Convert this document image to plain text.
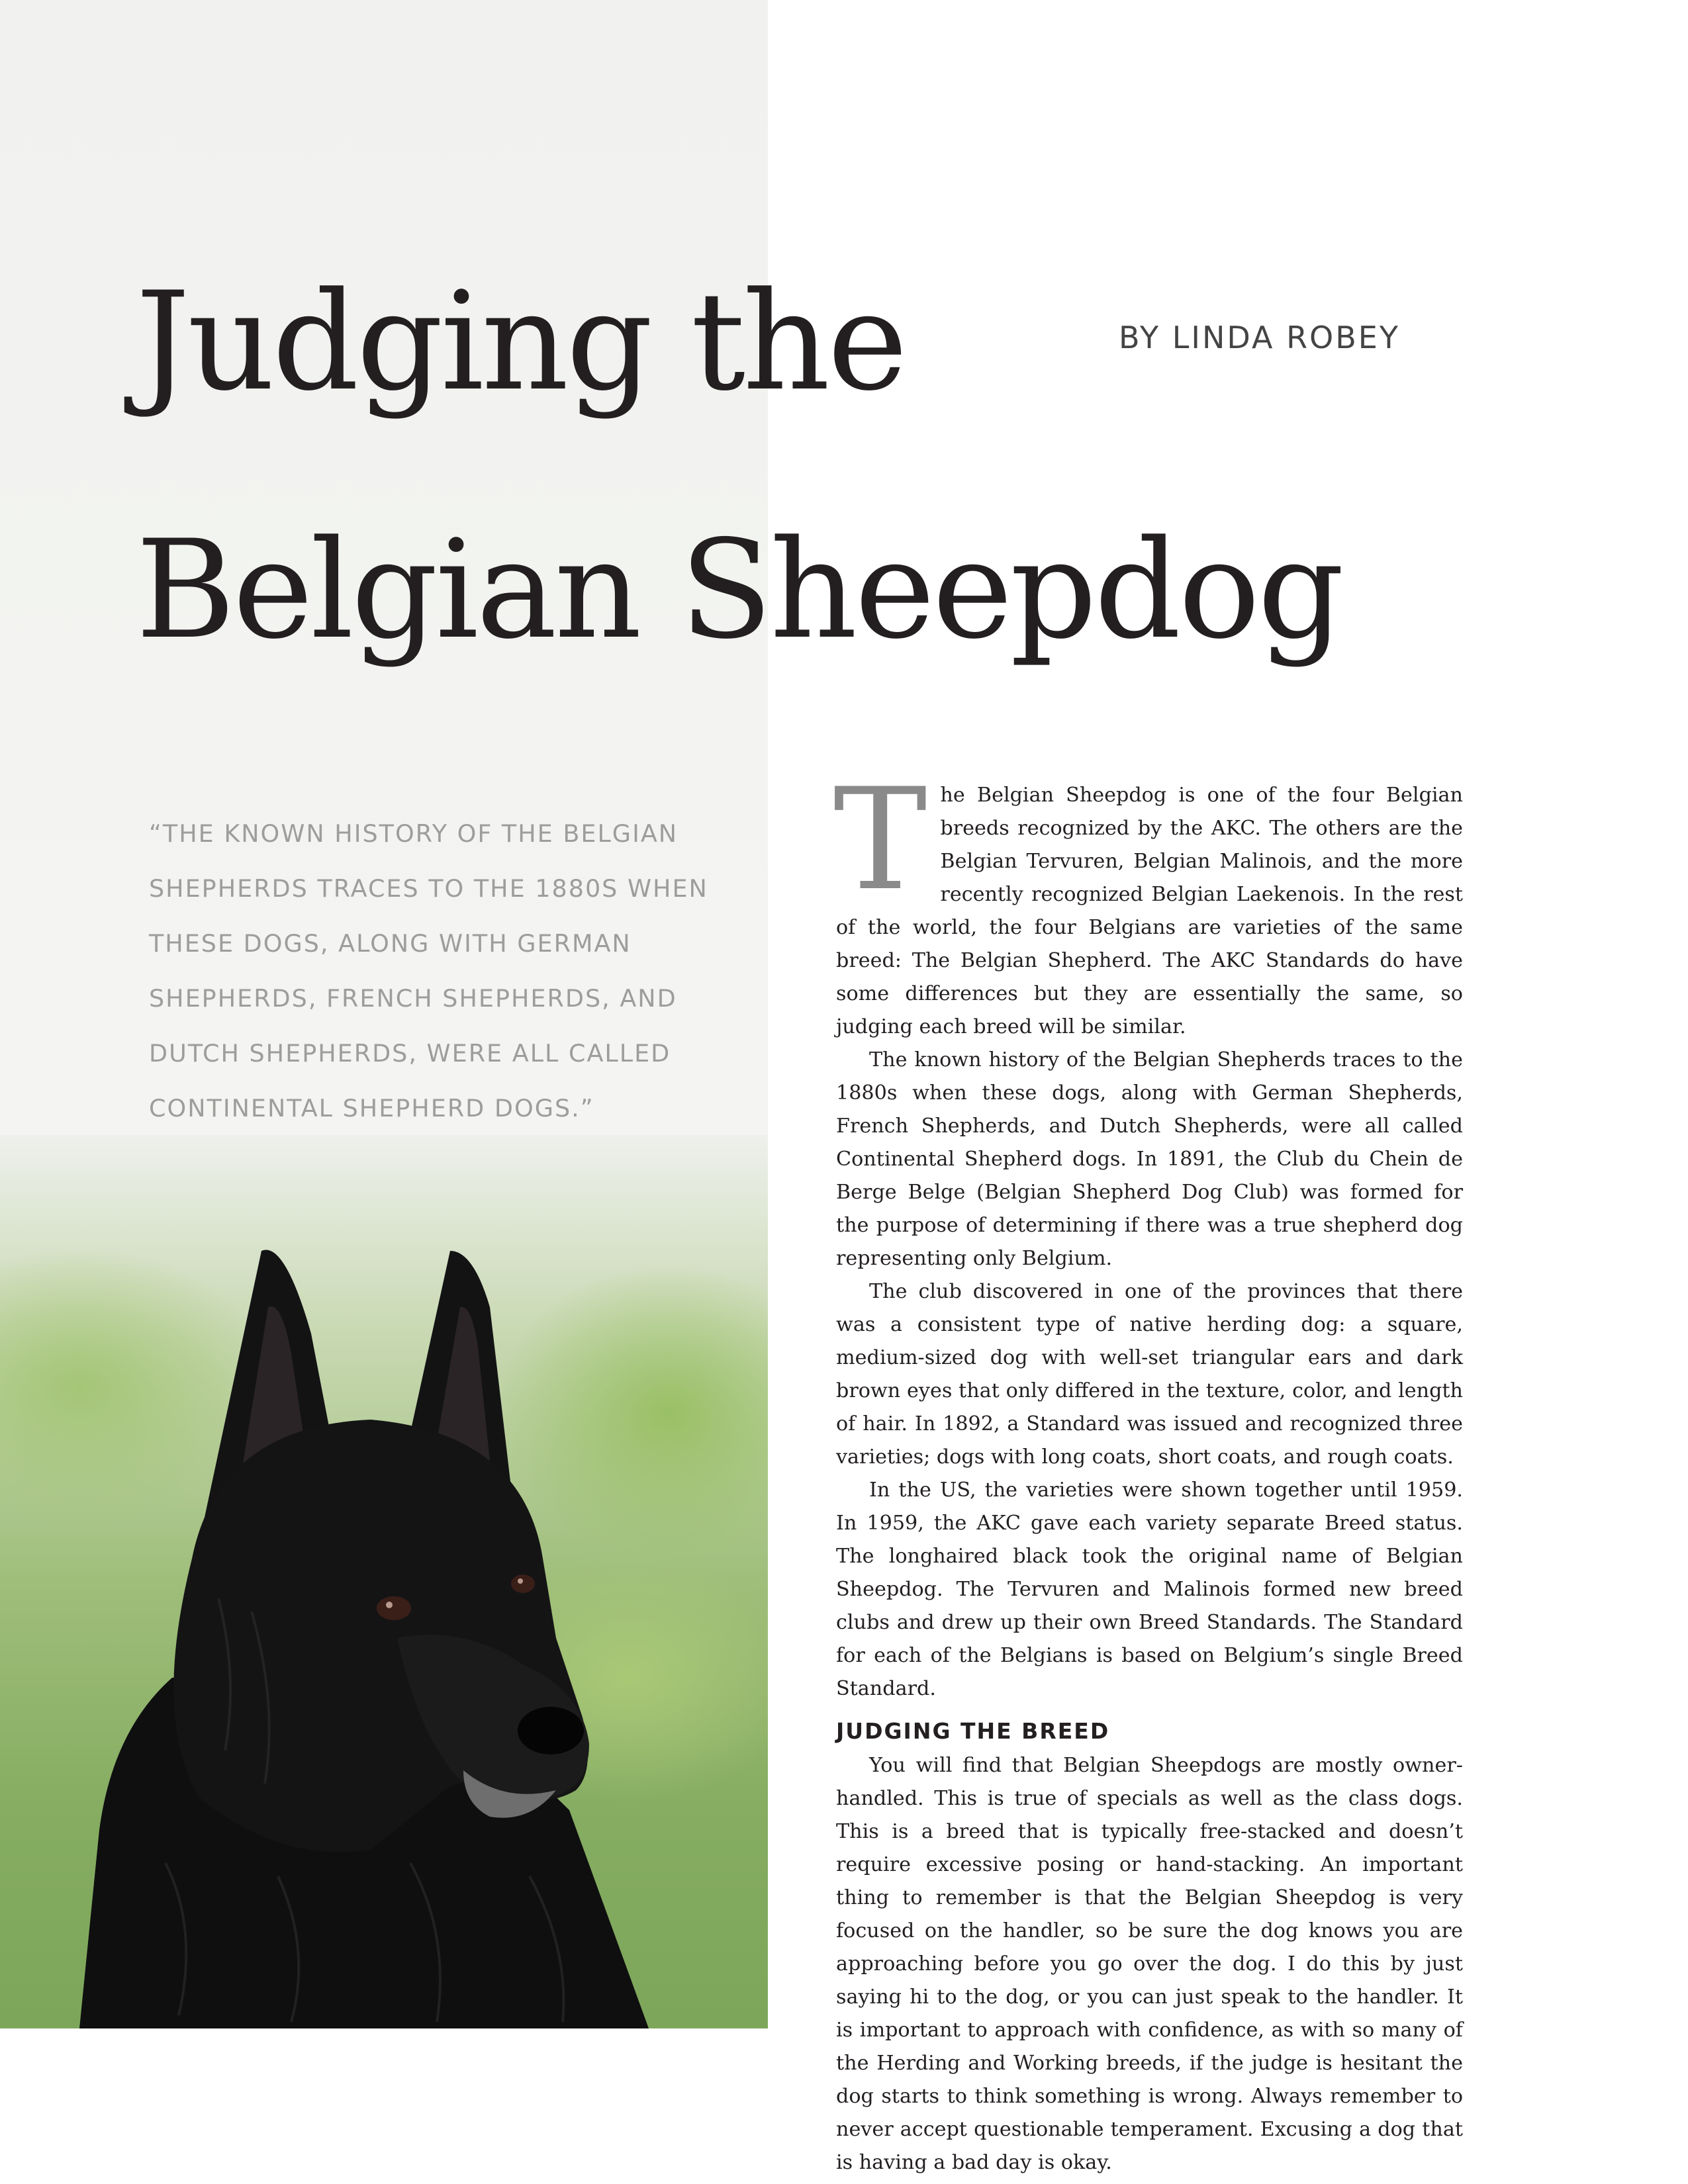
Judging the
Belgian Sheepdog

BY LINDA ROBEY

“THE KNOWN HISTORY OF THE BELGIAN SHEPHERDS TRACES TO THE 1880S WHEN THESE DOGS, ALONG WITH GERMAN SHEPHERDS, FRENCH SHEPHERDS, AND DUTCH SHEPHERDS, WERE ALL CALLED CONTINENTAL SHEPHERD DOGS.”

The Belgian Sheepdog is one of the four Belgian breeds recognized by the AKC. The others are the Belgian Tervuren, Belgian Malinois, and the more recently recognized Belgian Laekenois. In the rest of the world, the four Belgians are varieties of the same breed: The Belgian Shepherd. The AKC Standards do have some differences but they are essentially the same, so judging each breed will be similar.

The known history of the Belgian Shepherds traces to the 1880s when these dogs, along with German Shepherds, French Shepherds, and Dutch Shepherds, were all called Continental Shepherd dogs. In 1891, the Club du Chein de Berge Belge (Belgian Shepherd Dog Club) was formed for the purpose of determining if there was a true shepherd dog representing only Belgium.

The club discovered in one of the provinces that there was a consistent type of native herding dog: a square, medium-sized dog with well-set triangular ears and dark brown eyes that only differed in the texture, color, and length of hair. In 1892, a Standard was issued and recognized three varieties; dogs with long coats, short coats, and rough coats.

In the US, the varieties were shown together until 1959. In 1959, the AKC gave each variety separate Breed status. The longhaired black took the original name of Belgian Sheepdog. The Tervuren and Malinois formed new breed clubs and drew up their own Breed Standards. The Standard for each of the Belgians is based on Belgium’s single Breed Standard.

JUDGING THE BREED

You will find that Belgian Sheepdogs are mostly owner-handled. This is true of specials as well as the class dogs. This is a breed that is typically free-stacked and doesn’t require excessive posing or hand-stacking. An important thing to remember is that the Belgian Sheepdog is very focused on the handler, so be sure the dog knows you are approaching before you go over the dog. I do this by just saying hi to the dog, or you can just speak to the handler. It is important to approach with confidence, as with so many of the Herding and Working breeds, if the judge is hesitant the dog starts to think something is wrong. Always remember to never accept questionable temperament. Excusing a dog that is having a bad day is okay.
